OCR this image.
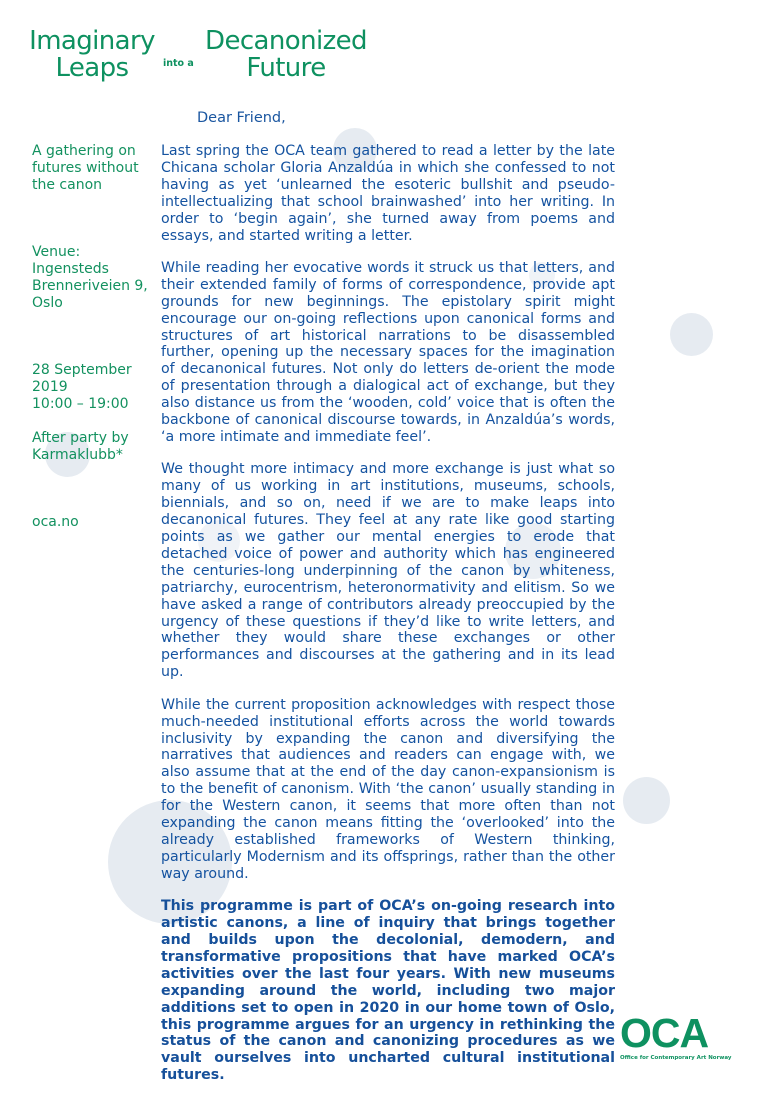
Imaginary
Leaps	into a
Decanonized
Future
Dear Friend,

A gathering on futures without the canon

Venue:

Ingensteds

Brenneriveien 9,

Oslo

28 September 2019

10:00 – 19:00

After party by Karmaklubb*

oca.no

Last spring the OCA team gathered to read a letter by the late Chicana scholar Gloria Anzaldúa in which she confessed to not having as yet ‘unlearned the esoteric bullshit and pseudo-intellectualizing that school brainwashed’ into her writing. In order to ‘begin again’, she turned away from poems and essays, and started writing a letter.

While reading her evocative words it struck us that letters, and their extended family of forms of correspondence, provide apt grounds for new beginnings. The epistolary spirit might encourage our on-going reflections upon canonical forms and structures of art historical narrations to be disassembled further, opening up the necessary spaces for the imagination of decanonical futures. Not only do letters de-orient the mode of presentation through a dialogical act of exchange, but they also distance us from the ‘wooden, cold’ voice that is often the backbone of canonical discourse towards, in Anzaldúa’s words, ‘a more intimate and immediate feel’.

We thought more intimacy and more exchange is just what so many of us working in art institutions, museums, schools, biennials, and so on, need if we are to make leaps into decanonical futures. They feel at any rate like good starting points as we gather our mental energies to erode that detached voice of power and authority which has engineered the centuries-long underpinning of the canon by whiteness, patriarchy, eurocentrism, heteronormativity and elitism. So we have asked a range of contributors already preoccupied by the urgency of these questions if they’d like to write letters, and whether they would share these exchanges or other performances and discourses at the gathering and in its lead up.

While the current proposition acknowledges with respect those much-needed institutional efforts across the world towards inclusivity by expanding the canon and diversifying the narratives that audiences and readers can engage with, we also assume that at the end of the day canon-expansionism is to the benefit of canonism. With ‘the canon’ usually standing in for the Western canon, it seems that more often than not expanding the canon means fitting the ‘overlooked’ into the already established frameworks of Western thinking, particularly Modernism and its offsprings, rather than the other way around.

This programme is part of OCA’s on-going research into artistic canons, a line of inquiry that brings together and builds upon the decolonial, demodern, and transformative propositions that have marked OCA’s activities over the last four years. With new museums expanding around the world, including two major additions set to open in 2020 in our home town of Oslo, this programme argues for an urgency in rethinking the status of the canon and canonizing procedures as we vault ourselves into uncharted cultural institutional futures.

OCA
Office for Contemporary Art Norway
